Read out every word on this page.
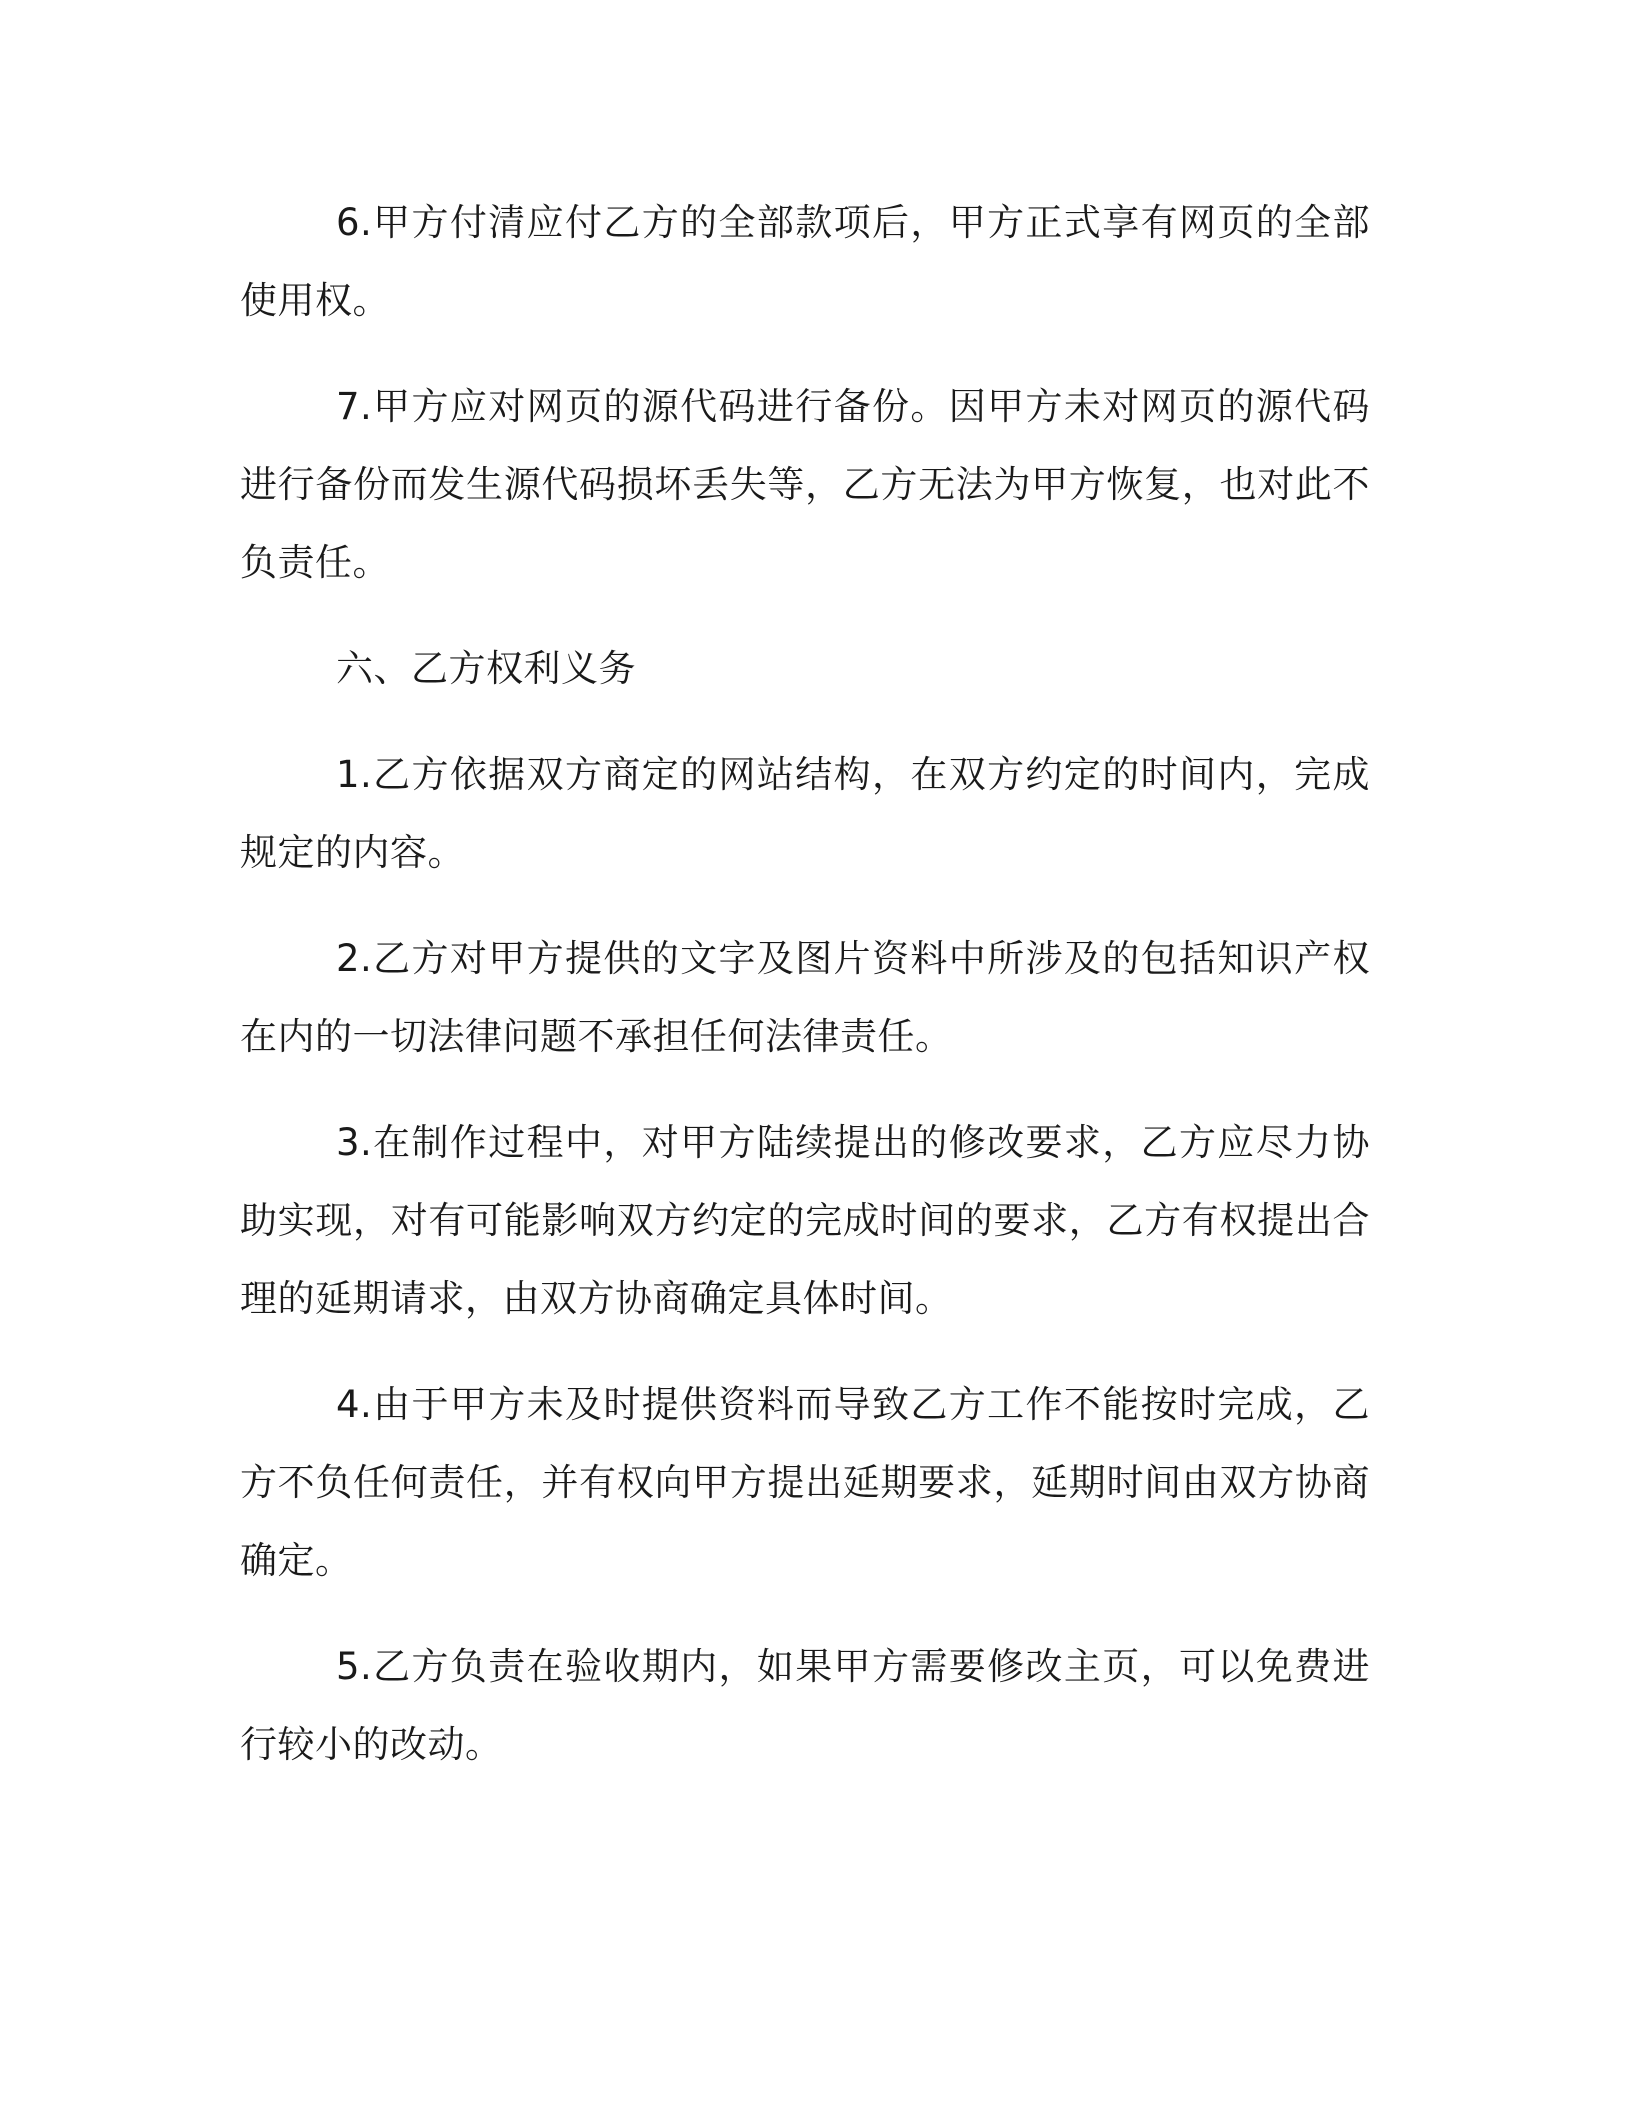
6.甲方付清应付乙方的全部款项后，甲方正式享有网页的全部使用权。

7.甲方应对网页的源代码进行备份。因甲方未对网页的源代码进行备份而发生源代码损坏丢失等，乙方无法为甲方恢复，也对此不负责任。

六、乙方权利义务

1.乙方依据双方商定的网站结构，在双方约定的时间内，完成规定的内容。

2.乙方对甲方提供的文字及图片资料中所涉及的包括知识产权在内的一切法律问题不承担任何法律责任。

3.在制作过程中，对甲方陆续提出的修改要求，乙方应尽力协助实现，对有可能影响双方约定的完成时间的要求，乙方有权提出合理的延期请求，由双方协商确定具体时间。

4.由于甲方未及时提供资料而导致乙方工作不能按时完成，乙方不负任何责任，并有权向甲方提出延期要求，延期时间由双方协商确定。

5.乙方负责在验收期内，如果甲方需要修改主页，可以免费进行较小的改动。
